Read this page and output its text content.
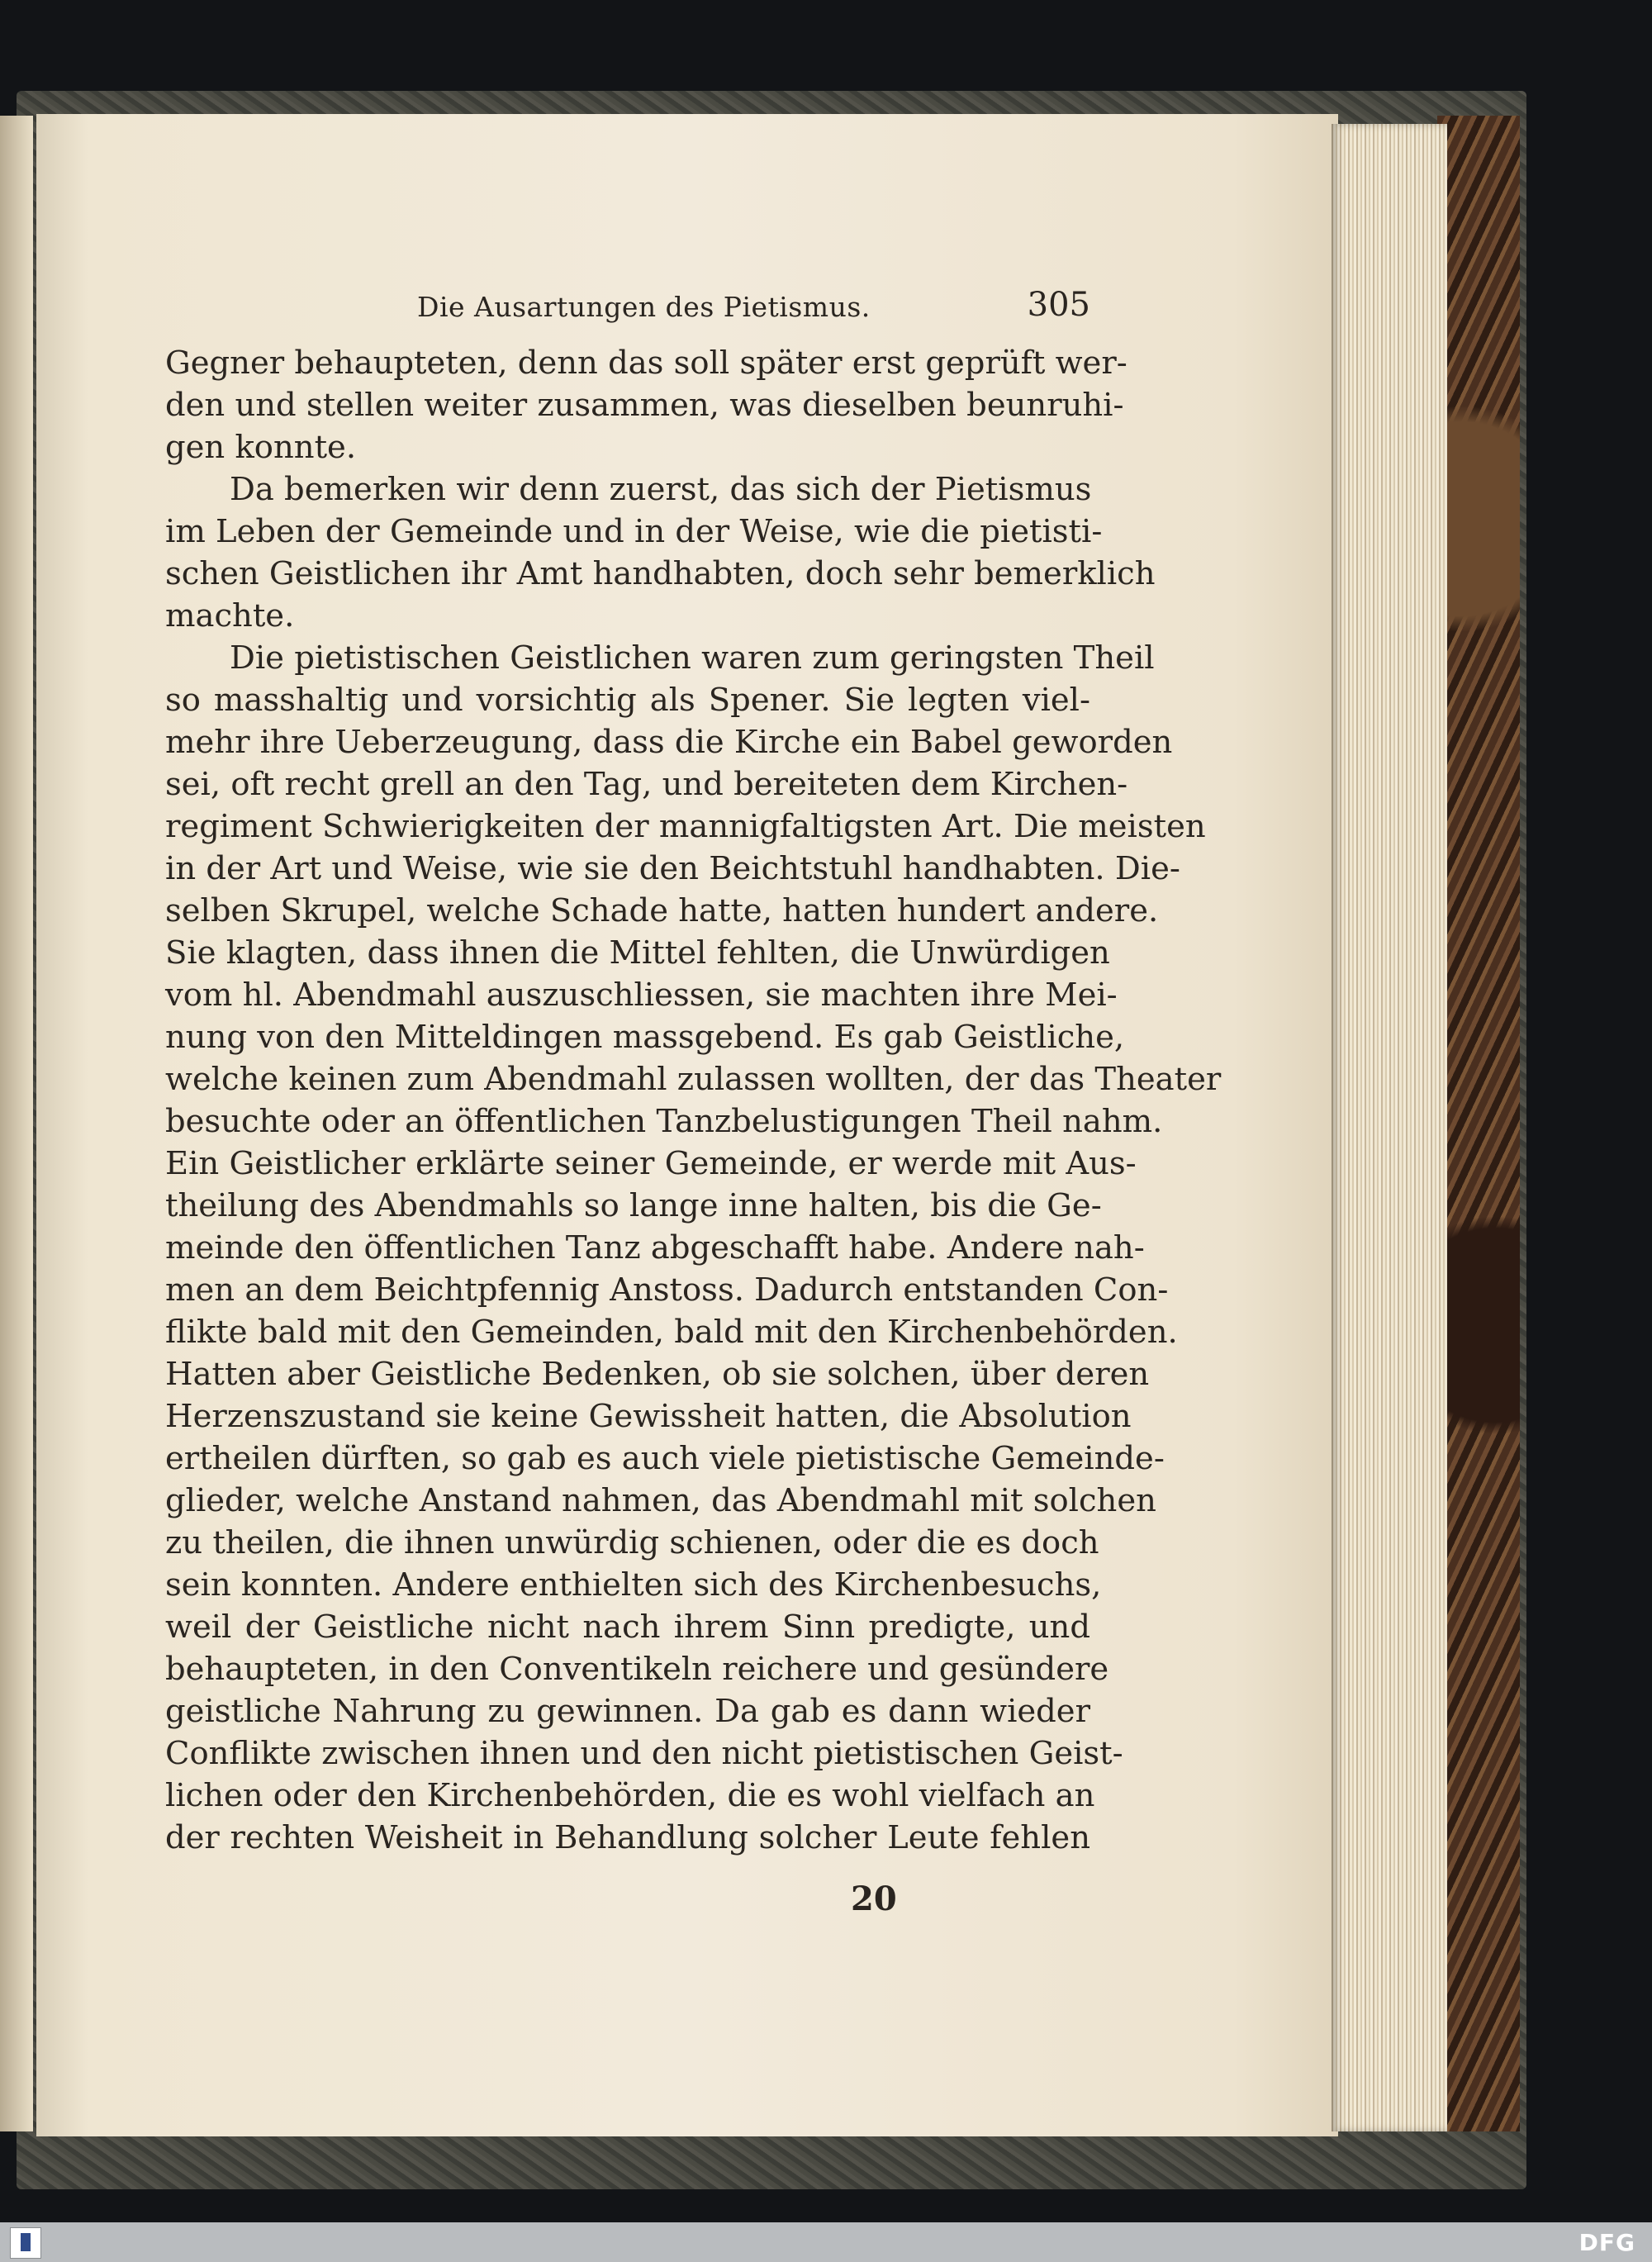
Die Ausartungen des Pietismus.	305
Gegner behaupteten, denn das soll später erst geprüft wer-
den und stellen weiter zusammen, was dieselben beunruhi-
gen konnte.
Da bemerken wir denn zuerst, das sich der Pietismus
im Leben der Gemeinde und in der Weise, wie die pietisti-
schen Geistlichen ihr Amt handhabten, doch sehr bemerklich
machte.
Die pietistischen Geistlichen waren zum geringsten Theil
so masshaltig und vorsichtig als Spener. Sie legten viel-
mehr ihre Ueberzeugung, dass die Kirche ein Babel geworden
sei, oft recht grell an den Tag, und bereiteten dem Kirchen-
regiment Schwierigkeiten der mannigfaltigsten Art. Die meisten
in der Art und Weise, wie sie den Beichtstuhl handhabten. Die-
selben Skrupel, welche Schade hatte, hatten hundert andere.
Sie klagten, dass ihnen die Mittel fehlten, die Unwürdigen
vom hl. Abendmahl auszuschliessen, sie machten ihre Mei-
nung von den Mitteldingen massgebend. Es gab Geistliche,
welche keinen zum Abendmahl zulassen wollten, der das Theater
besuchte oder an öffentlichen Tanzbelustigungen Theil nahm.
Ein Geistlicher erklärte seiner Gemeinde, er werde mit Aus-
theilung des Abendmahls so lange inne halten, bis die Ge-
meinde den öffentlichen Tanz abgeschafft habe. Andere nah-
men an dem Beichtpfennig Anstoss. Dadurch entstanden Con-
flikte bald mit den Gemeinden, bald mit den Kirchenbehörden.
Hatten aber Geistliche Bedenken, ob sie solchen, über deren
Herzenszustand sie keine Gewissheit hatten, die Absolution
ertheilen dürften, so gab es auch viele pietistische Gemeinde-
glieder, welche Anstand nahmen, das Abendmahl mit solchen
zu theilen, die ihnen unwürdig schienen, oder die es doch
sein konnten. Andere enthielten sich des Kirchenbesuchs,
weil der Geistliche nicht nach ihrem Sinn predigte, und
behaupteten, in den Conventikeln reichere und gesündere
geistliche Nahrung zu gewinnen. Da gab es dann wieder
Conflikte zwischen ihnen und den nicht pietistischen Geist-
lichen oder den Kirchenbehörden, die es wohl vielfach an
der rechten Weisheit in Behandlung solcher Leute fehlen
20
DFG
